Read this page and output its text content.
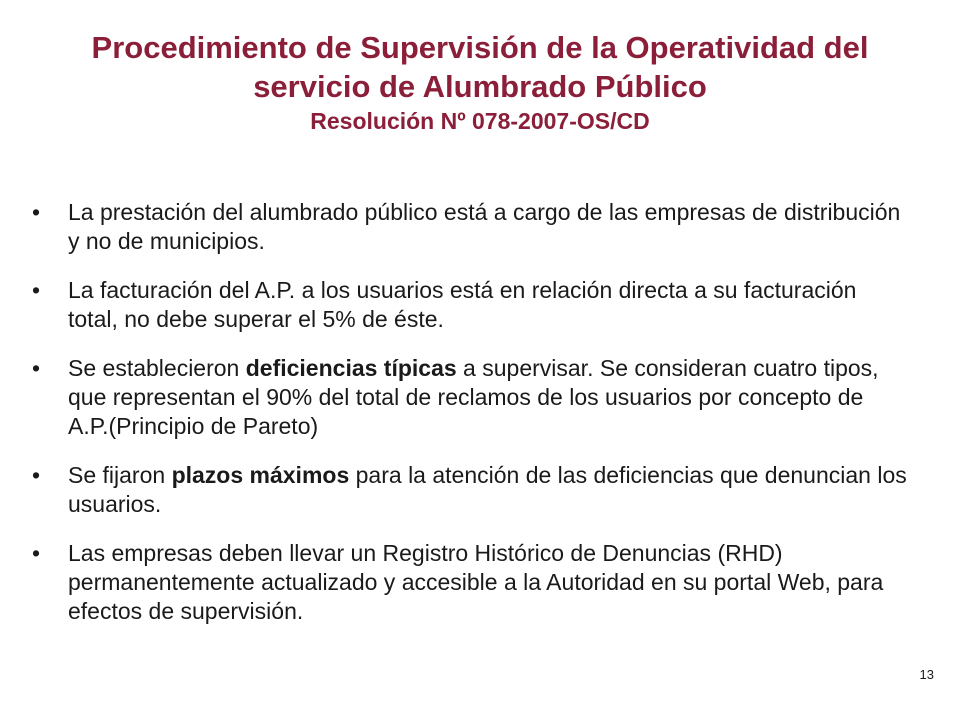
Procedimiento de Supervisión de la Operatividad del
servicio de Alumbrado Público
Resolución Nº 078-2007-OS/CD
• La prestación del alumbrado público está a cargo de las empresas de distribución y no de municipios.
• La facturación del A.P. a los usuarios está en relación directa a su facturación total, no debe superar el 5% de éste.
• Se establecieron deficiencias típicas a supervisar. Se consideran cuatro tipos, que representan el 90% del total de reclamos de los usuarios por concepto de A.P.(Principio de Pareto)
• Se fijaron plazos máximos para la atención de las deficiencias que denuncian los usuarios.
• Las empresas deben llevar un Registro Histórico de Denuncias (RHD) permanentemente actualizado y accesible a la Autoridad en su portal Web, para efectos de supervisión.
13
